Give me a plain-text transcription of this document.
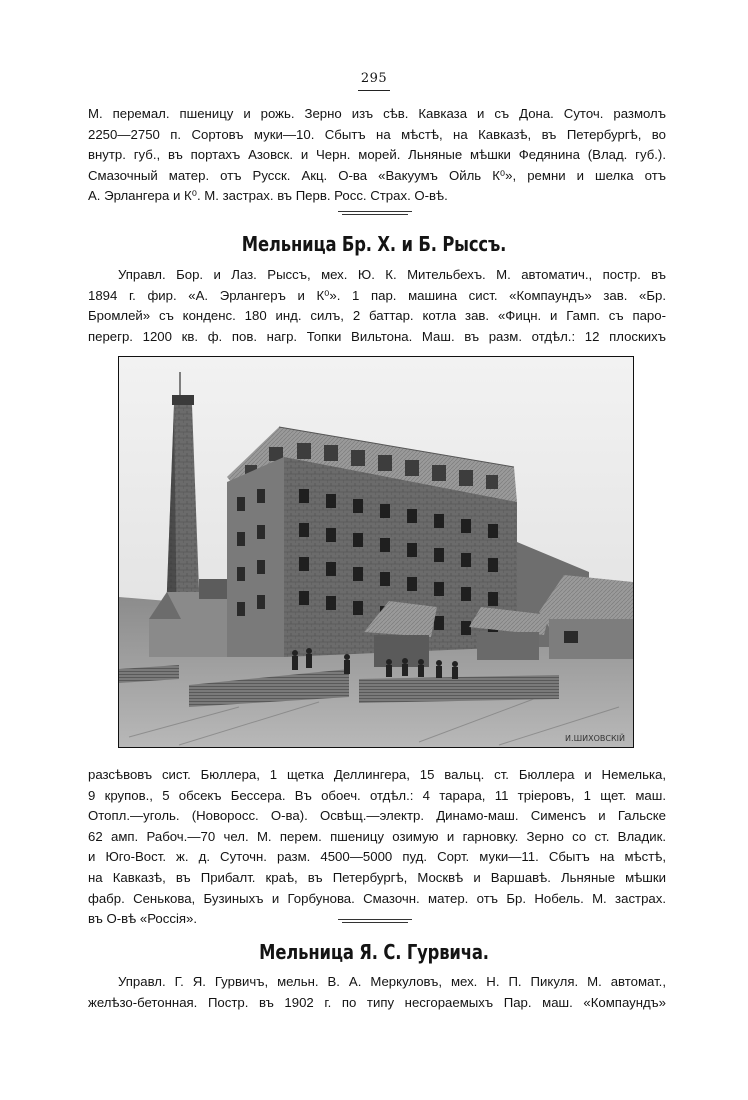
295

М. перемал. пшеницу и рожь. Зерно изъ сѣв. Кавказа и съ Дона. Суточ. размолъ
2250—2750 п. Сортовъ муки—10. Сбытъ на мѣстѣ, на Кавказѣ, въ Петербургѣ, во
внутр. губ., въ портахъ Азовск. и Черн. морей. Льняные мѣшки Федянина (Влад. губ.).
Смазочный матер. отъ Русск. Акц. О-ва «Вакуумъ Ойль К⁰», ремни и шелка отъ
А. Эрлангера и К⁰. М. застрах. въ Перв. Росс. Страх. О-вѣ.

Мельница Бр. Х. и Б. Рыссъ.

Управл. Бор. и Лаз. Рыссъ, мех. Ю. К. Мительбехъ. М. автоматич., постр. въ
1894 г. фир. «А. Эрлангеръ и К⁰». 1 пар. машина сист. «Компаундъ» зав. «Бр.
Бромлей» съ конденс. 180 инд. силъ, 2 баттар. котла зав. «Фицн. и Гамп. съ паро-
перегр. 1200 кв. ф. пов. нагр. Топки Вильтона. Маш. въ разм. отдѣл.: 12 плоскихъ

И.ШИХОВСКІЙ

разсѣвовъ сист. Бюллера, 1 щетка Деллингера, 15 вальц. ст. Бюллера и Немелька,
9 крупов., 5 обсекъ Бессера. Въ обоеч. отдѣл.: 4 тарара, 11 тріеровъ, 1 щет. маш.
Отопл.—уголь. (Новоросс. О-ва). Освѣщ.—электр. Динамо-маш. Сименсъ и Гальске
62 амп. Рабоч.—70 чел. М. перем. пшеницу озимую и гарновку. Зерно со ст. Владик.
и Юго-Вост. ж. д. Суточн. разм. 4500—5000 пуд. Сорт. муки—11. Сбытъ на мѣстѣ,
на Кавказѣ, въ Прибалт. краѣ, въ Петербургѣ, Москвѣ и Варшавѣ. Льняные мѣшки
фабр. Сенькова, Бузиныхъ и Горбунова. Смазочн. матер. отъ Бр. Нобель. М. застрах.
въ О-вѣ «Россія».

Мельница Я. С. Гурвича.

Управл. Г. Я. Гурвичъ, мельн. В. А. Меркуловъ, мех. Н. П. Пикуля. М. автомат.,
желѣзо-бетонная. Постр. въ 1902 г. по типу несгораемыхъ Пар. маш. «Компаундъ»
